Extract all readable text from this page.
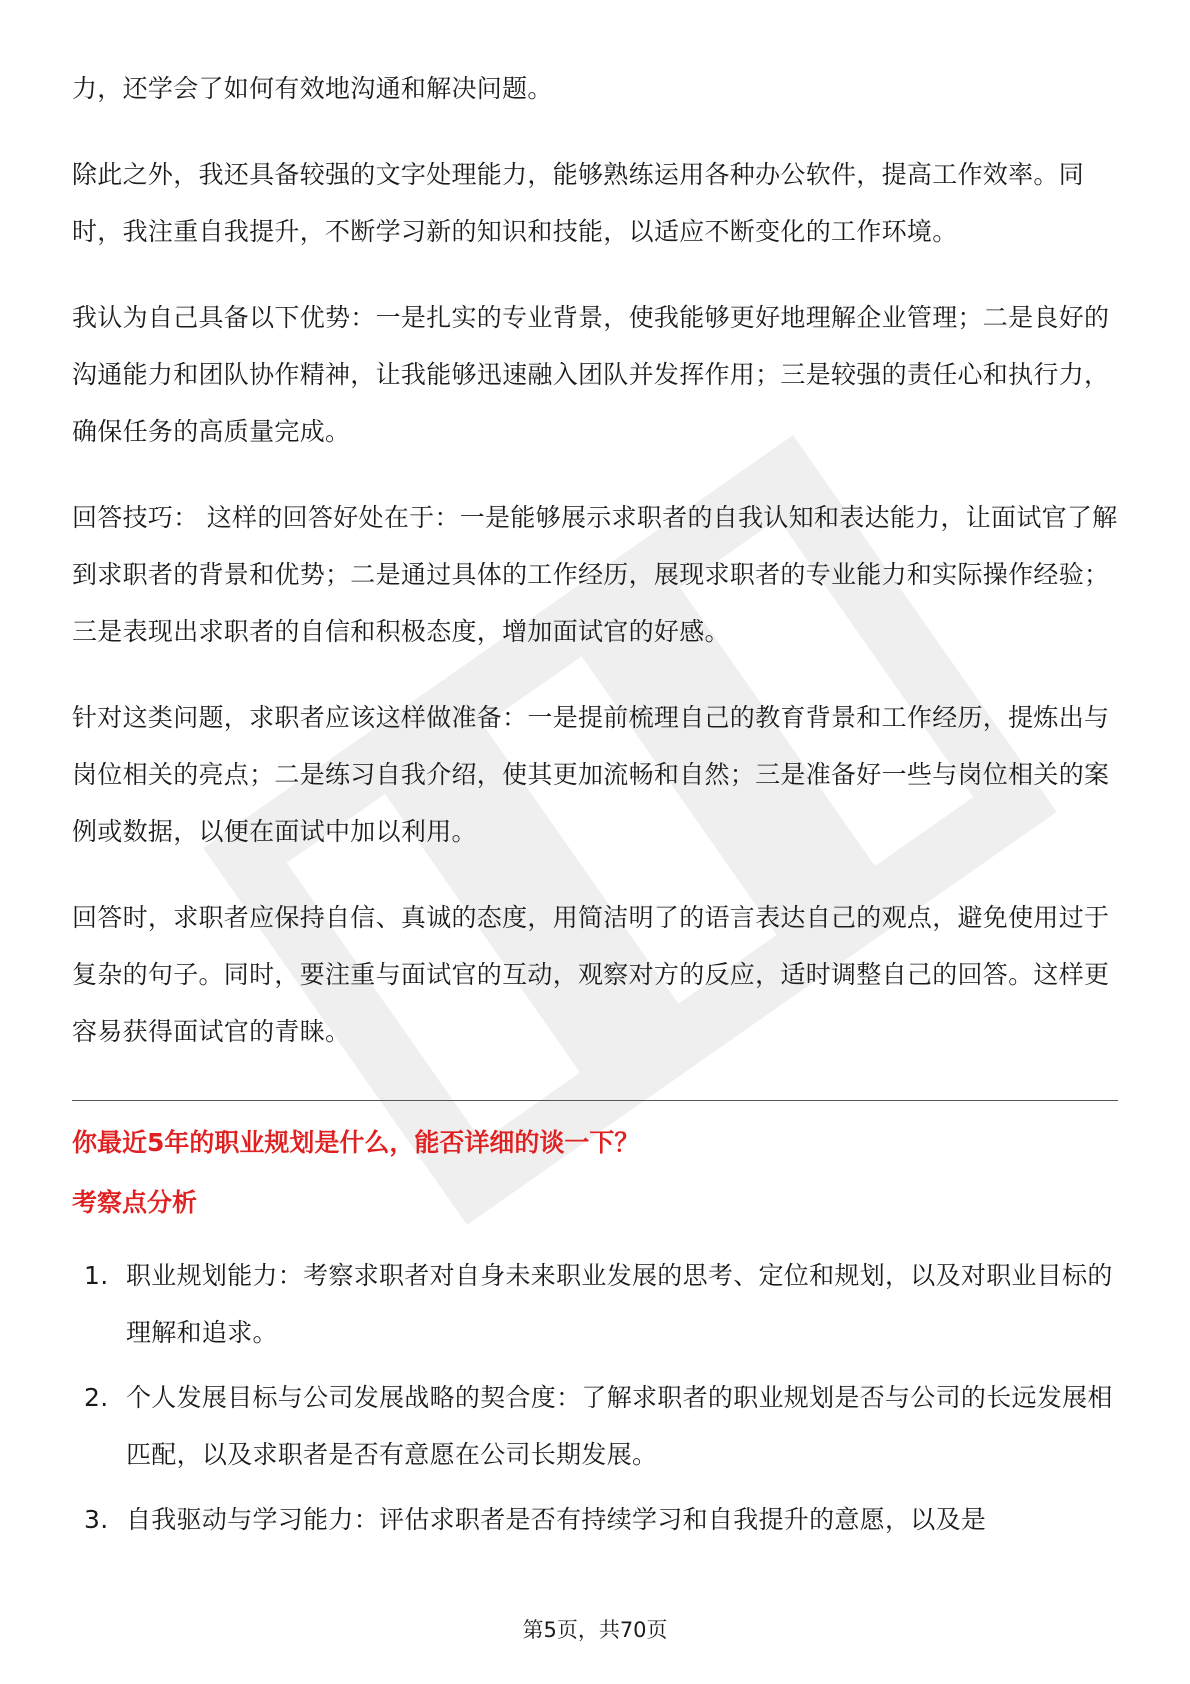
力，还学会了如何有效地沟通和解决问题。

除此之外，我还具备较强的文字处理能力，能够熟练运用各种办公软件，提高工作效率。同时，我注重自我提升，不断学习新的知识和技能，以适应不断变化的工作环境。

我认为自己具备以下优势：一是扎实的专业背景，使我能够更好地理解企业管理；二是良好的沟通能力和团队协作精神，让我能够迅速融入团队并发挥作用；三是较强的责任心和执行力，确保任务的高质量完成。

回答技巧： 这样的回答好处在于：一是能够展示求职者的自我认知和表达能力，让面试官了解到求职者的背景和优势；二是通过具体的工作经历，展现求职者的专业能力和实际操作经验；三是表现出求职者的自信和积极态度，增加面试官的好感。

针对这类问题，求职者应该这样做准备：一是提前梳理自己的教育背景和工作经历，提炼出与岗位相关的亮点；二是练习自我介绍，使其更加流畅和自然；三是准备好一些与岗位相关的案例或数据，以便在面试中加以利用。

回答时，求职者应保持自信、真诚的态度，用简洁明了的语言表达自己的观点，避免使用过于复杂的句子。同时，要注重与面试官的互动，观察对方的反应，适时调整自己的回答。这样更容易获得面试官的青睐。

你最近5年的职业规划是什么，能否详细的谈一下？
考察点分析
1. 职业规划能力：考察求职者对自身未来职业发展的思考、定位和规划，以及对职业目标的理解和追求。
2. 个人发展目标与公司发展战略的契合度：了解求职者的职业规划是否与公司的长远发展相匹配，以及求职者是否有意愿在公司长期发展。
3. 自我驱动与学习能力：评估求职者是否有持续学习和自我提升的意愿，以及是
第5页，共70页
